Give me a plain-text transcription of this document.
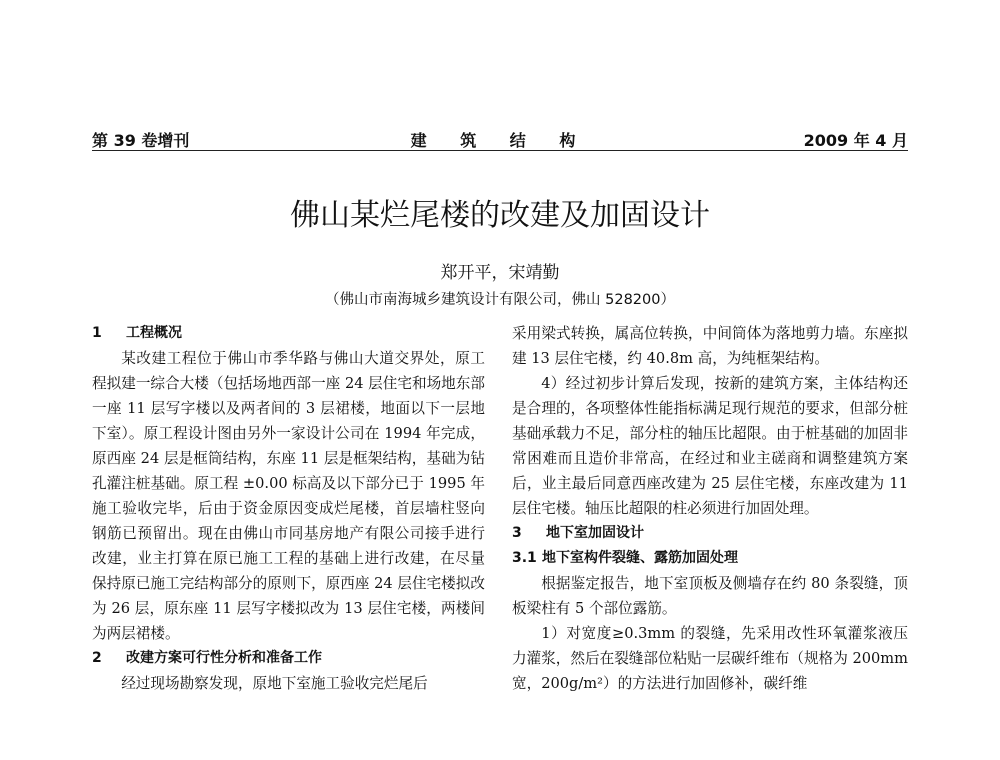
第 39 卷增刊	建 筑 结 构	2009 年 4 月
佛山某烂尾楼的改建及加固设计
郑开平，宋靖勤
（佛山市南海城乡建筑设计有限公司，佛山 528200）
1 工程概况

某改建工程位于佛山市季华路与佛山大道交界处，原工程拟建一综合大楼（包括场地西部一座 24 层住宅和场地东部一座 11 层写字楼以及两者间的 3 层裙楼，地面以下一层地下室）。原工程设计图由另外一家设计公司在 1994 年完成，原西座 24 层是框筒结构，东座 11 层是框架结构，基础为钻孔灌注桩基础。原工程 ±0.00 标高及以下部分已于 1995 年施工验收完毕，后由于资金原因变成烂尾楼，首层墙柱竖向钢筋已预留出。现在由佛山市同基房地产有限公司接手进行改建，业主打算在原已施工工程的基础上进行改建，在尽量保持原已施工完结构部分的原则下，原西座 24 层住宅楼拟改为 26 层，原东座 11 层写字楼拟改为 13 层住宅楼，两楼间为两层裙楼。

2 改建方案可行性分析和准备工作

经过现场勘察发现，原地下室施工验收完烂尾后

采用梁式转换，属高位转换，中间筒体为落地剪力墙。东座拟建 13 层住宅楼，约 40.8m 高，为纯框架结构。

4）经过初步计算后发现，按新的建筑方案，主体结构还是合理的，各项整体性能指标满足现行规范的要求，但部分桩基础承载力不足，部分柱的轴压比超限。由于桩基础的加固非常困难而且造价非常高，在经过和业主磋商和调整建筑方案后，业主最后同意西座改建为 25 层住宅楼，东座改建为 11 层住宅楼。轴压比超限的柱必须进行加固处理。

3 地下室加固设计
3.1 地下室构件裂缝、露筋加固处理

根据鉴定报告，地下室顶板及侧墙存在约 80 条裂缝，顶板梁柱有 5 个部位露筋。

1）对宽度≥0.3mm 的裂缝，先采用改性环氧灌浆液压力灌浆，然后在裂缝部位粘贴一层碳纤维布（规格为 200mm 宽，200g/m²）的方法进行加固修补，碳纤维
